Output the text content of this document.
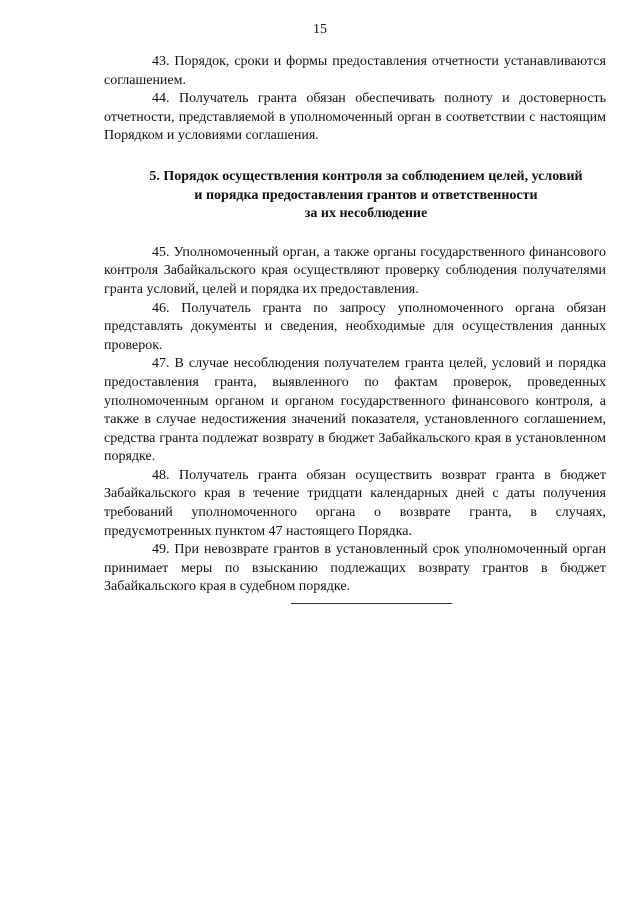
15

43. Порядок, сроки и формы предоставления отчетности устанавливаются соглашением.

44. Получатель гранта обязан обеспечивать полноту и достоверность отчетности, представляемой в уполномоченный орган в соответствии с настоящим Порядком и условиями соглашения.

5. Порядок осуществления контроля за соблюдением целей, условий
и порядка предоставления грантов и ответственности
за их несоблюдение

45. Уполномоченный орган, а также органы государственного финансового контроля Забайкальского края осуществляют проверку соблюдения получателями гранта условий, целей и порядка их предоставления.

46. Получатель гранта по запросу уполномоченного органа обязан представлять документы и сведения, необходимые для осуществления данных проверок.

47. В случае несоблюдения получателем гранта целей, условий и порядка предоставления гранта, выявленного по фактам проверок, проведенных уполномоченным органом и органом государственного финансового контроля, а также в случае недостижения значений показателя, установленного соглашением, средства гранта подлежат возврату в бюджет Забайкальского края в установленном порядке.

48. Получатель гранта обязан осуществить возврат гранта в бюджет Забайкальского края в течение тридцати календарных дней с даты получения требований уполномоченного органа о возврате гранта, в случаях, предусмотренных пунктом 47 настоящего Порядка.

49. При невозврате грантов в установленный срок уполномоченный орган принимает меры по взысканию подлежащих возврату грантов в бюджет Забайкальского края в судебном порядке.
